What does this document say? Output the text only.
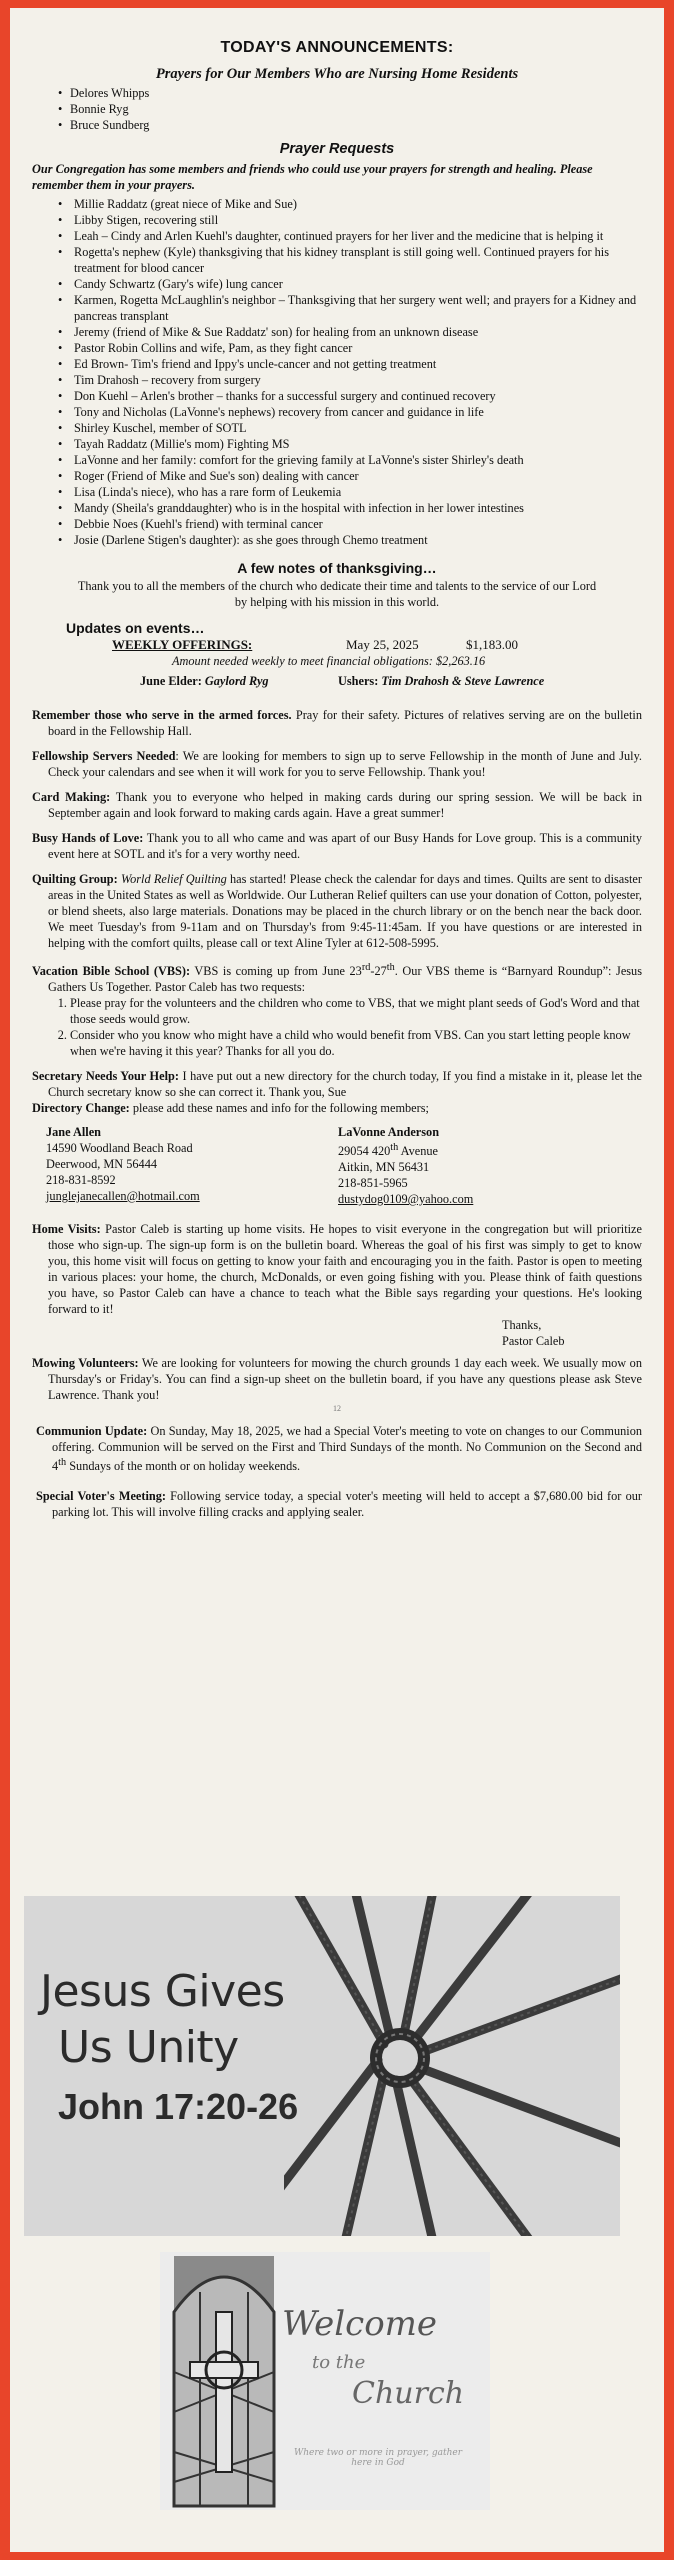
TODAY'S ANNOUNCEMENTS:
Prayers for Our Members Who are Nursing Home Residents
• Delores Whipps
• Bonnie Ryg
• Bruce Sundberg
Prayer Requests
Our Congregation has some members and friends who could use your prayers for strength and healing. Please remember them in your prayers.
• Millie Raddatz (great niece of Mike and Sue)
• Libby Stigen, recovering still
• Leah – Cindy and Arlen Kuehl's daughter, continued prayers for her liver and the medicine that is helping it
• Rogetta's nephew (Kyle) thanksgiving that his kidney transplant is still going well. Continued prayers for his treatment for blood cancer
• Candy Schwartz (Gary's wife) lung cancer
• Karmen, Rogetta McLaughlin's neighbor – Thanksgiving that her surgery went well; and prayers for a Kidney and pancreas transplant
• Jeremy (friend of Mike & Sue Raddatz' son) for healing from an unknown disease
• Pastor Robin Collins and wife, Pam, as they fight cancer
• Ed Brown- Tim's friend and Ippy's uncle-cancer and not getting treatment
• Tim Drahosh – recovery from surgery
• Don Kuehl – Arlen's brother – thanks for a successful surgery and continued recovery
• Tony and Nicholas (LaVonne's nephews) recovery from cancer and guidance in life
• Shirley Kuschel, member of SOTL
• Tayah Raddatz (Millie's mom) Fighting MS
• LaVonne and her family: comfort for the grieving family at LaVonne's sister Shirley's death
• Roger (Friend of Mike and Sue's son) dealing with cancer
• Lisa (Linda's niece), who has a rare form of Leukemia
• Mandy (Sheila's granddaughter) who is in the hospital with infection in her lower intestines
• Debbie Noes (Kuehl's friend) with terminal cancer
• Josie (Darlene Stigen's daughter): as she goes through Chemo treatment
A few notes of thanksgiving…
Thank you to all the members of the church who dedicate their time and talents to the service of our Lord by helping with his mission in this world.
Updates on events…
WEEKLY OFFERINGS:	May 25, 2025	$1,183.00
Amount needed weekly to meet financial obligations: $2,263.16
June Elder: Gaylord Ryg	Ushers: Tim Drahosh & Steve Lawrence
Remember those who serve in the armed forces. Pray for their safety. Pictures of relatives serving are on the bulletin board in the Fellowship Hall.
Fellowship Servers Needed: We are looking for members to sign up to serve Fellowship in the month of June and July. Check your calendars and see when it will work for you to serve Fellowship. Thank you!
Card Making: Thank you to everyone who helped in making cards during our spring session. We will be back in September again and look forward to making cards again. Have a great summer!
Busy Hands of Love: Thank you to all who came and was apart of our Busy Hands for Love group. This is a community event here at SOTL and it's for a very worthy need.
Quilting Group: World Relief Quilting has started! Please check the calendar for days and times. Quilts are sent to disaster areas in the United States as well as Worldwide. Our Lutheran Relief quilters can use your donation of Cotton, polyester, or blend sheets, also large materials. Donations may be placed in the church library or on the bench near the back door. We meet Tuesday's from 9-11am and on Thursday's from 9:45-11:45am. If you have questions or are interested in helping with the comfort quilts, please call or text Aline Tyler at 612-508-5995.
Vacation Bible School (VBS): VBS is coming up from June 23rd-27th. Our VBS theme is “Barnyard Roundup”: Jesus Gathers Us Together. Pastor Caleb has two requests:
1. Please pray for the volunteers and the children who come to VBS, that we might plant seeds of God's Word and that those seeds would grow.
2. Consider who you know who might have a child who would benefit from VBS. Can you start letting people know when we're having it this year? Thanks for all you do.
Secretary Needs Your Help: I have put out a new directory for the church today, If you find a mistake in it, please let the Church secretary know so she can correct it. Thank you, Sue
Directory Change: please add these names and info for the following members;
Jane Allen
14590 Woodland Beach Road
Deerwood, MN 56444
218-831-8592
junglejanecallen@hotmail.com
LaVonne Anderson
29054 420th Avenue
Aitkin, MN 56431
218-851-5965
dustydog0109@yahoo.com
Home Visits: Pastor Caleb is starting up home visits. He hopes to visit everyone in the congregation but will prioritize those who sign-up. The sign-up form is on the bulletin board. Whereas the goal of his first was simply to get to know you, this home visit will focus on getting to know your faith and encouraging you in the faith. Pastor is open to meeting in various places: your home, the church, McDonalds, or even going fishing with you. Please think of faith questions you have, so Pastor Caleb can have a chance to teach what the Bible says regarding your questions. He's looking forward to it!
Thanks,
Pastor Caleb
Mowing Volunteers: We are looking for volunteers for mowing the church grounds 1 day each week. We usually mow on Thursday's or Friday's. You can find a sign-up sheet on the bulletin board, if you have any questions please ask Steve Lawrence. Thank you!

12

Communion Update: On Sunday, May 18, 2025, we had a Special Voter's meeting to vote on changes to our Communion offering. Communion will be served on the First and Third Sundays of the month. No Communion on the Second and 4th Sundays of the month or on holiday weekends.
Special Voter's Meeting: Following service today, a special voter's meeting will held to accept a $7,680.00 bid for our parking lot. This will involve filling cracks and applying sealer.
Jesus Gives
Us Unity
John 17:20-26
Welcome
to the
Church
Where two or more in prayer, gather here in God
